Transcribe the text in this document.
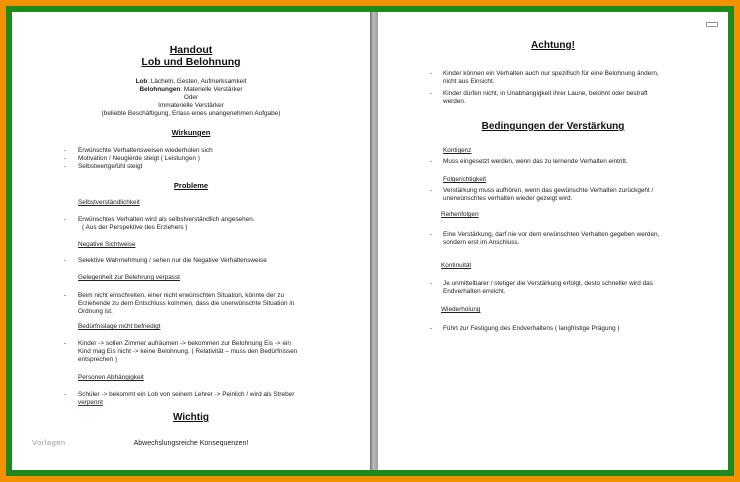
Handout
Lob und Belohnung
Lob: Lächeln, Gesten, Aufmerksamkeit
Belohnungen: Materielle Verstärker
Oder
Immaterielle Verstärker
(beliebte Beschäftigung, Erlass eines unangenehmen Aufgabe)
Wirkungen
- Erwünschte Verhaltensweisen wiederholen sich
- Motivation / Neugierde steigt ( Leistungen )
- Selbstwertgefühl steigt
Probleme
Selbstverständlichkeit
- Erwünschtes Verhalten wird als selbstverständlich angesehen.
( Aus der Perspektive des Erziehers )
Negative Sichtweise
- Selektive Wahrnehmung / sehen nur die Negative Verhaltensweise
Gelegenheit zur Belehrung verpasst
- Beim nicht einschreiten, einer nicht erwünschten Situation, könnte der zu
Erziehende zu dem Entschluss kommen, dass die unerwünschte Situation in
Ordnung ist.
Bedürfnislage nicht befriedigt
- Kinder -> sollen Zimmer aufräumen -> bekommen zur Belohnung Eis -> ein
Kind mag Eis nicht -> keine Belohnung. ( Relativität – muss den Bedürfnissen
entsprechen )
Personen Abhängigkeit
- Schüler -> bekommt ein Lob von seinem Lehrer -> Peinlich / wird als Streber
verpennt
Wichtig
Abwechslungsreiche Konsequenzen!
Vorlagen
Achtung!
- Kinder können ein Verhalten auch nur spezifisch für eine Belohnung ändern,
nicht aus Einsicht.
- Kinder dürfen nicht, in Unabhängigkeit ihrer Laune, belohnt oder bestraft
werden.
Bedingungen der Verstärkung
Kontigenz
- Muss eingesetzt werden, wenn das zu lernende Verhalten eintritt.
Folgerichtigkeit
- Verstärkung muss aufhören, wenn das gewünschte Verhalten zurückgeht /
unerwünschtes verhalten wieder gezeigt wird.
Reihenfolgen
- Eine Verstärkung, darf nie vor dem erwünschten Verhalten gegeben werden,
sondern erst im Anschluss.
Kontinuität
- Je unmittelbarer / stetiger die Verstärkung erfolgt, desto schneller wird das
Endverhalten erreicht.
Wiederholung
- Führt zur Festigung des Endverhaltens ( langfristige Prägung )
